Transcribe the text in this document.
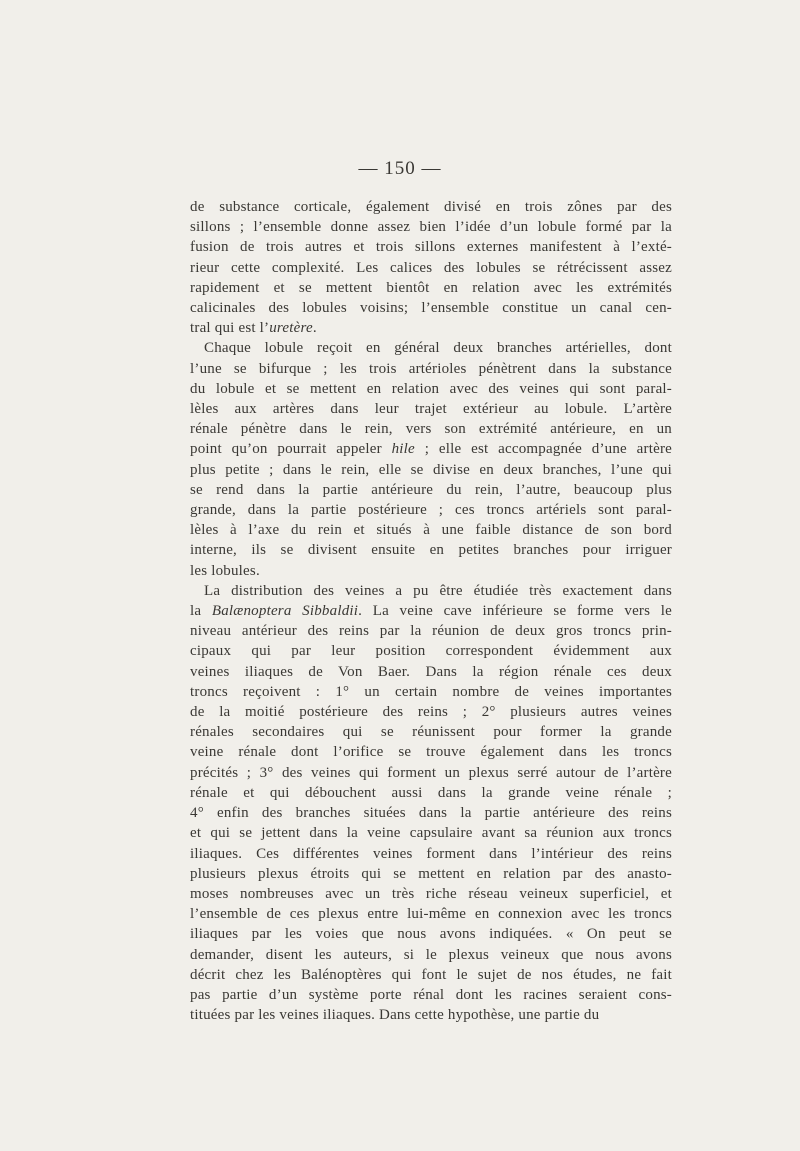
— 150 —
de substance corticale, également divisé en trois zônes par des
sillons ; l’ensemble donne assez bien l’idée d’un lobule formé par la
fusion de trois autres et trois sillons externes manifestent à l’exté-
rieur cette complexité. Les calices des lobules se rétrécissent assez
rapidement et se mettent bientôt en relation avec les extrémités
calicinales des lobules voisins; l’ensemble constitue un canal cen-
tral qui est l’uretère.
Chaque lobule reçoit en général deux branches artérielles, dont
l’une se bifurque ; les trois artérioles pénètrent dans la substance
du lobule et se mettent en relation avec des veines qui sont paral-
lèles aux artères dans leur trajet extérieur au lobule. L’artère
rénale pénètre dans le rein, vers son extrémité antérieure, en un
point qu’on pourrait appeler hile ; elle est accompagnée d’une artère
plus petite ; dans le rein, elle se divise en deux branches, l’une qui
se rend dans la partie antérieure du rein, l’autre, beaucoup plus
grande, dans la partie postérieure ; ces troncs artériels sont paral-
lèles à l’axe du rein et situés à une faible distance de son bord
interne, ils se divisent ensuite en petites branches pour irriguer
les lobules.
La distribution des veines a pu être étudiée très exactement dans
la Balænoptera Sibbaldii. La veine cave inférieure se forme vers le
niveau antérieur des reins par la réunion de deux gros troncs prin-
cipaux qui par leur position correspondent évidemment aux
veines iliaques de Von Baer. Dans la région rénale ces deux
troncs reçoivent : 1° un certain nombre de veines importantes
de la moitié postérieure des reins ; 2° plusieurs autres veines
rénales secondaires qui se réunissent pour former la grande
veine rénale dont l’orifice se trouve également dans les troncs
précités ; 3° des veines qui forment un plexus serré autour de l’artère
rénale et qui débouchent aussi dans la grande veine rénale ;
4° enfin des branches situées dans la partie antérieure des reins
et qui se jettent dans la veine capsulaire avant sa réunion aux troncs
iliaques. Ces différentes veines forment dans l’intérieur des reins
plusieurs plexus étroits qui se mettent en relation par des anasto-
moses nombreuses avec un très riche réseau veineux superficiel, et
l’ensemble de ces plexus entre lui-même en connexion avec les troncs
iliaques par les voies que nous avons indiquées. « On peut se
demander, disent les auteurs, si le plexus veineux que nous avons
décrit chez les Balénoptères qui font le sujet de nos études, ne fait
pas partie d’un système porte rénal dont les racines seraient cons-
tituées par les veines iliaques. Dans cette hypothèse, une partie du
